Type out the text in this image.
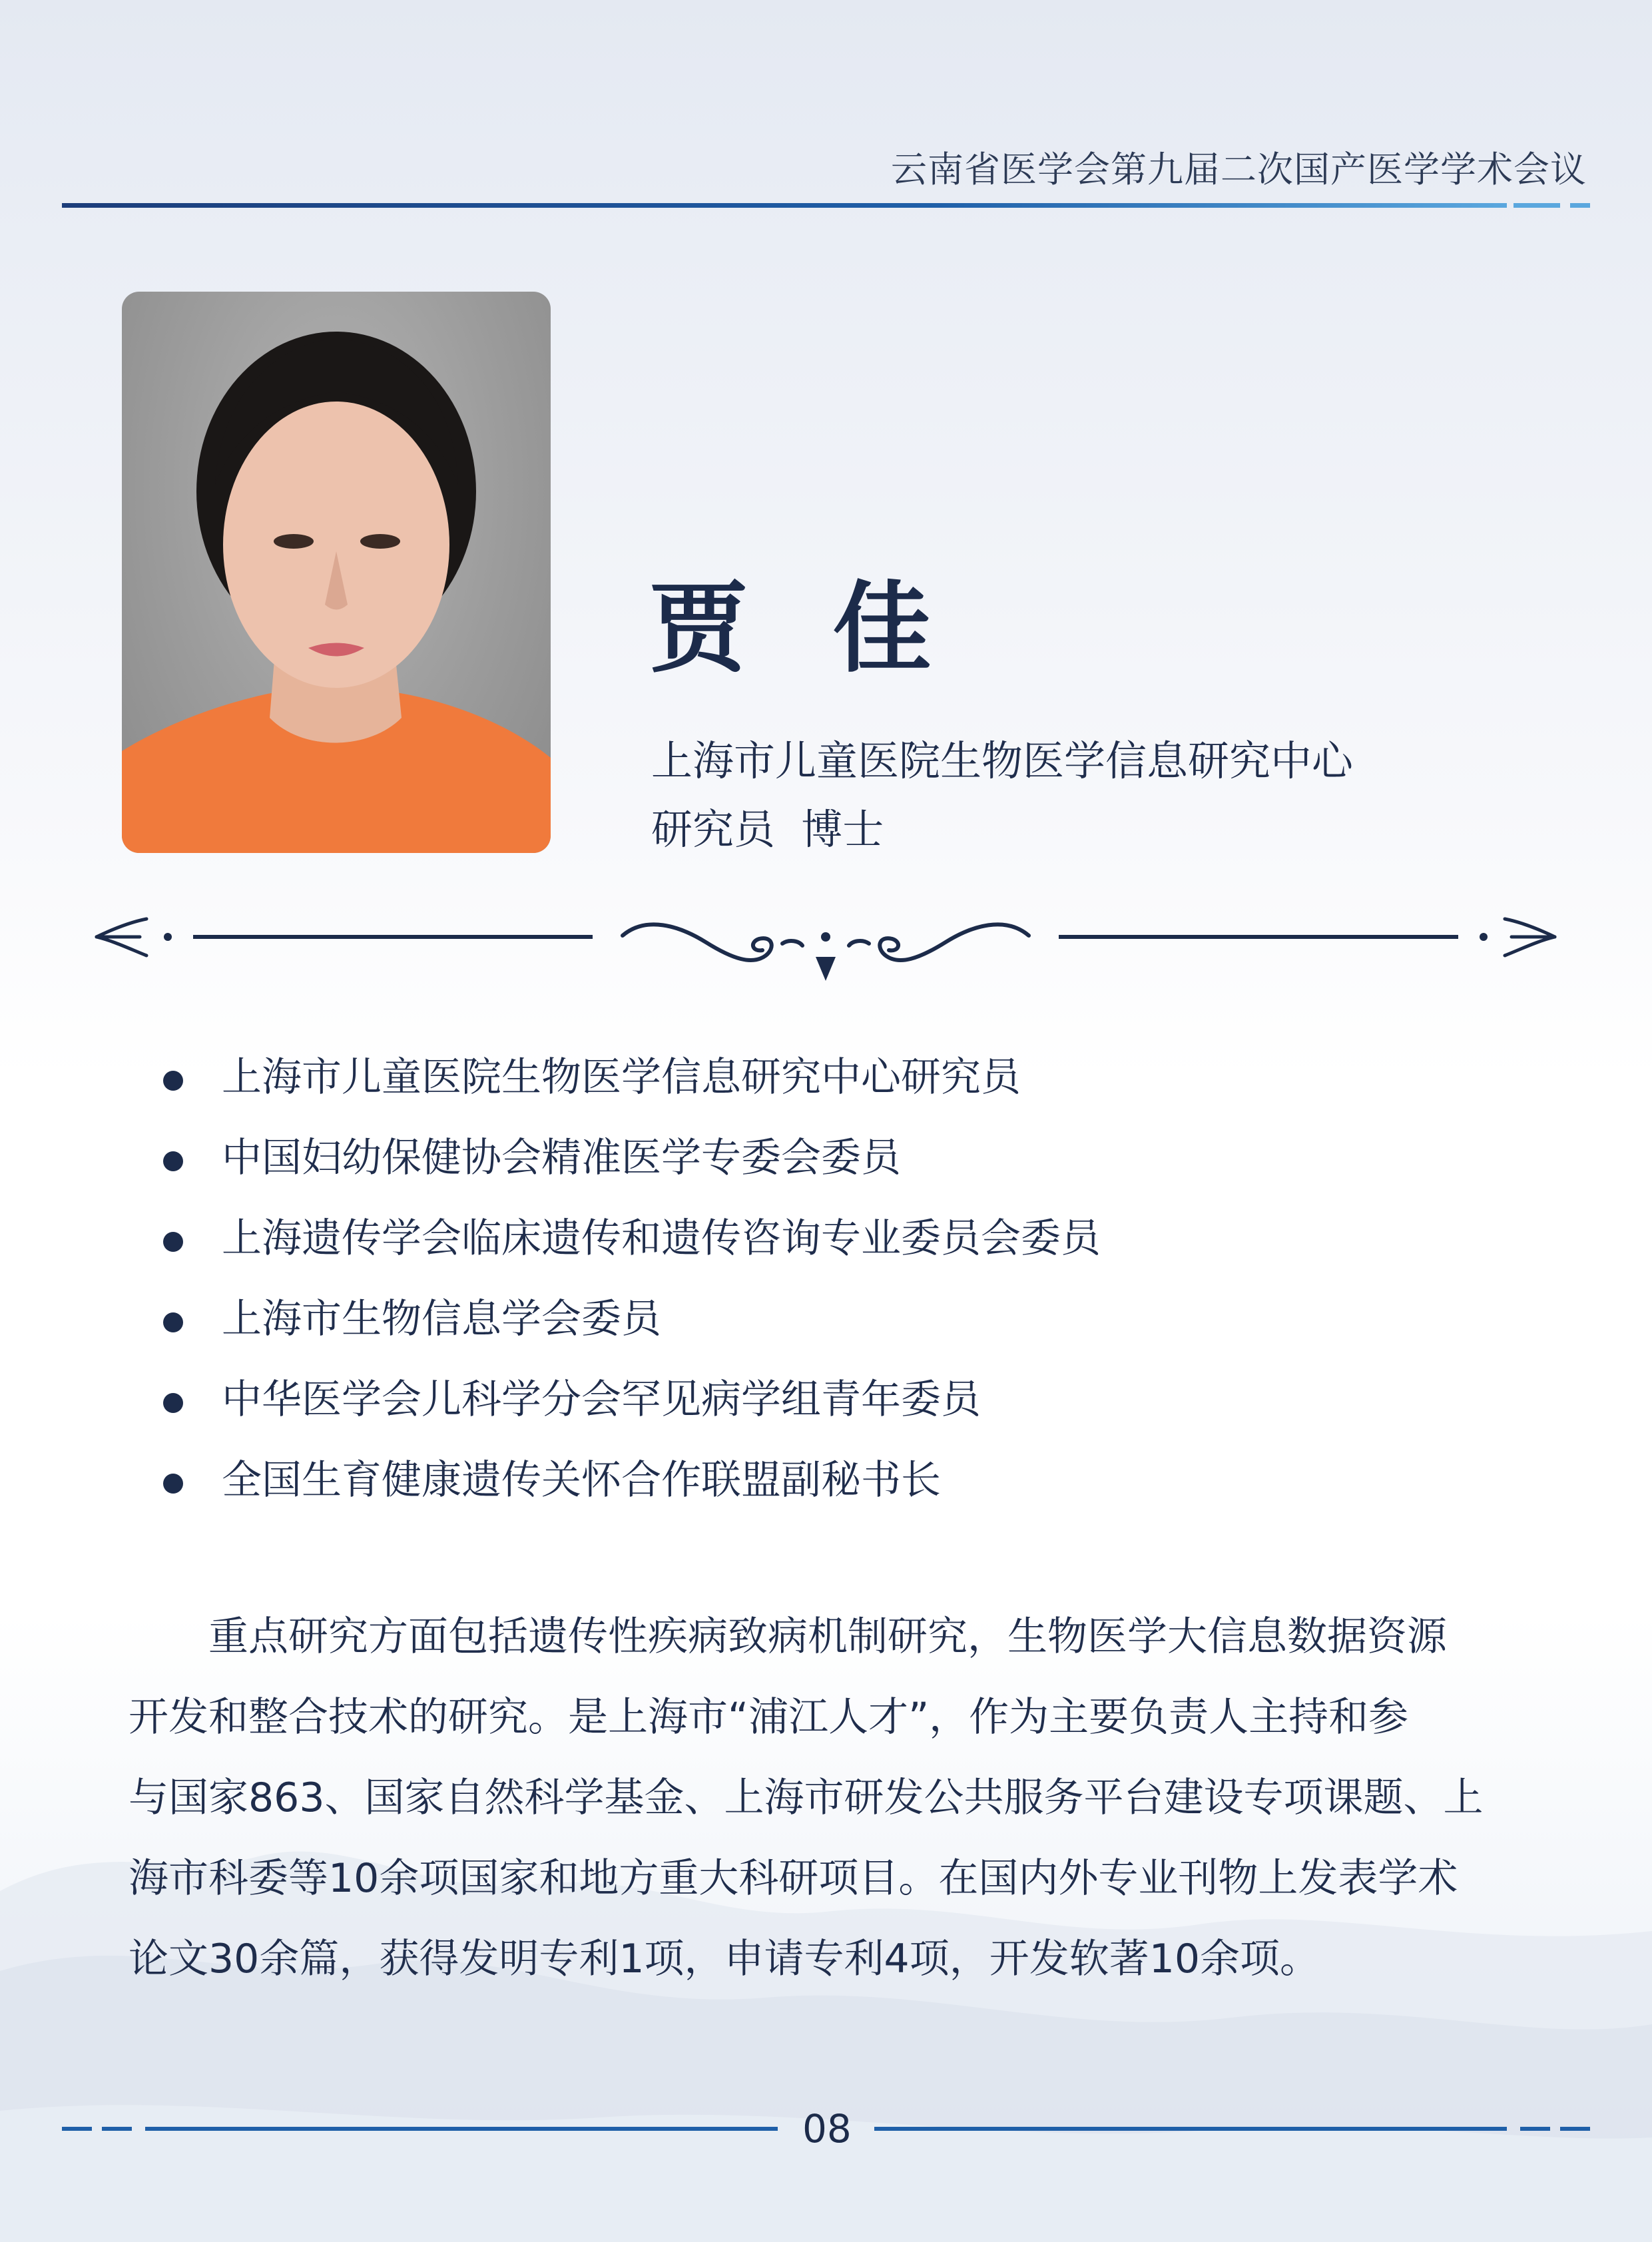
云南省医学会第九届二次国产医学学术会议
贾 佳
上海市儿童医院生物医学信息研究中心
研究员  博士
上海市儿童医院生物医学信息研究中心研究员
中国妇幼保健协会精准医学专委会委员
上海遗传学会临床遗传和遗传咨询专业委员会委员
上海市生物信息学会委员
中华医学会儿科学分会罕见病学组青年委员
全国生育健康遗传关怀合作联盟副秘书长
　　重点研究方面包括遗传性疾病致病机制研究，生物医学大信息数据资源
开发和整合技术的研究。是上海市“浦江人才”，作为主要负责人主持和参
与国家863、国家自然科学基金、上海市研发公共服务平台建设专项课题、上
海市科委等10余项国家和地方重大科研项目。在国内外专业刊物上发表学术
论文30余篇，获得发明专利1项，申请专利4项，开发软著10余项。
08
